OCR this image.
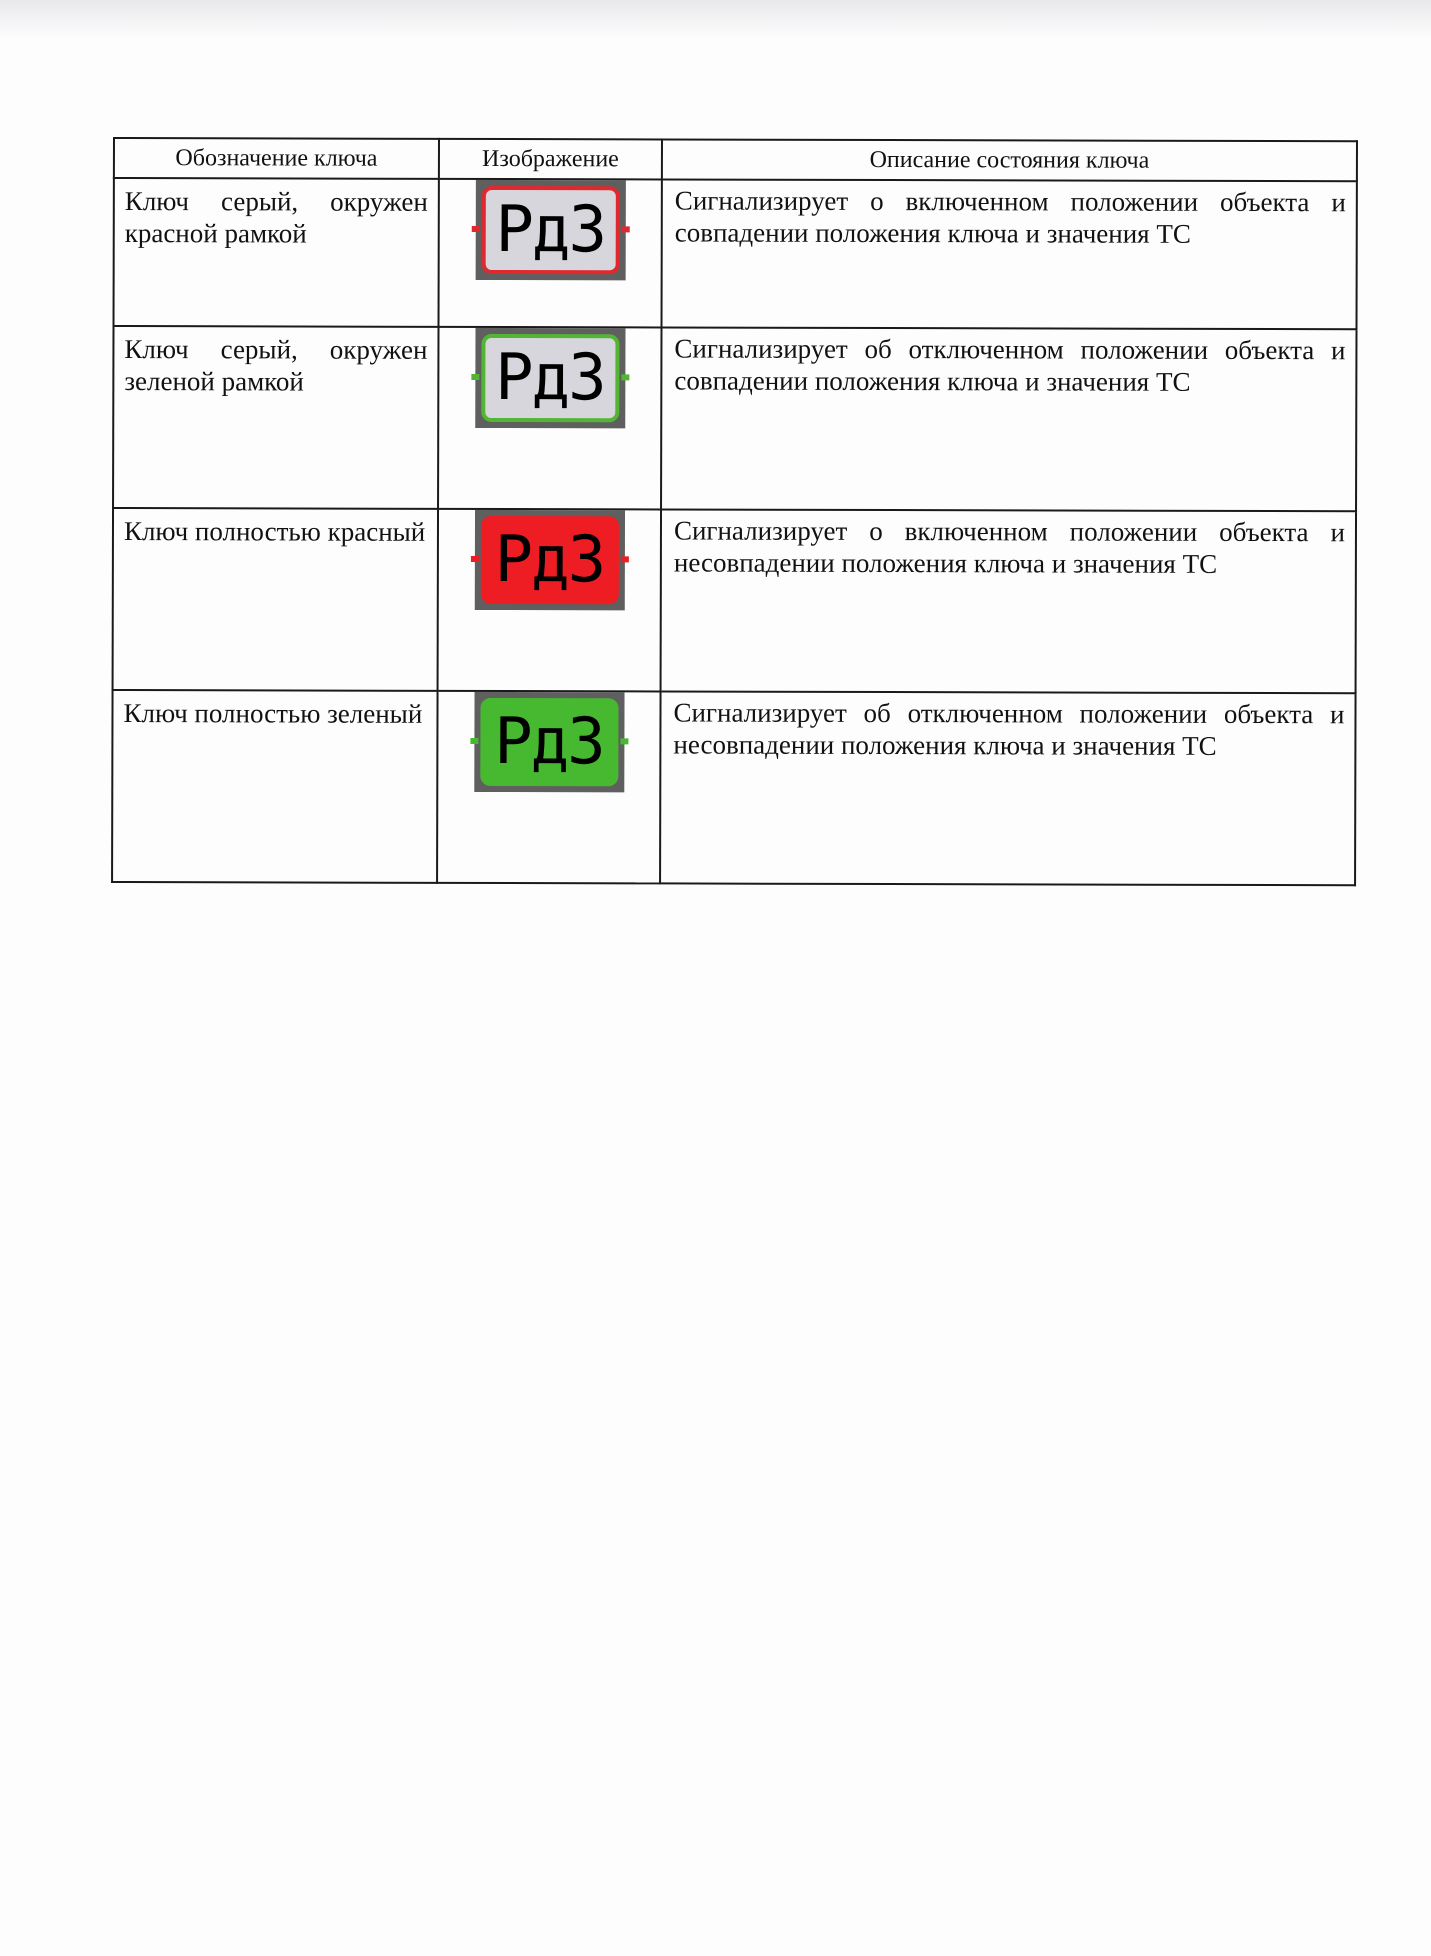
Обозначение ключа	Изображение	Описание состояния ключа

Ключ серый, окружен красной рамкой	РдЗ	Сигнализирует о включенном положении объекта и совпадении положения ключа и значения ТС

Ключ серый, окружен зеленой рамкой	РдЗ	Сигнализирует об отключенном положении объекта и совпадении положения ключа и значения ТС

Ключ полностью красный	РдЗ	Сигнализирует о включенном положении объекта и несовпадении положения ключа и значения ТС

Ключ полностью зеленый	РдЗ	Сигнализирует об отключенном положении объекта и несовпадении положения ключа и значения ТС
